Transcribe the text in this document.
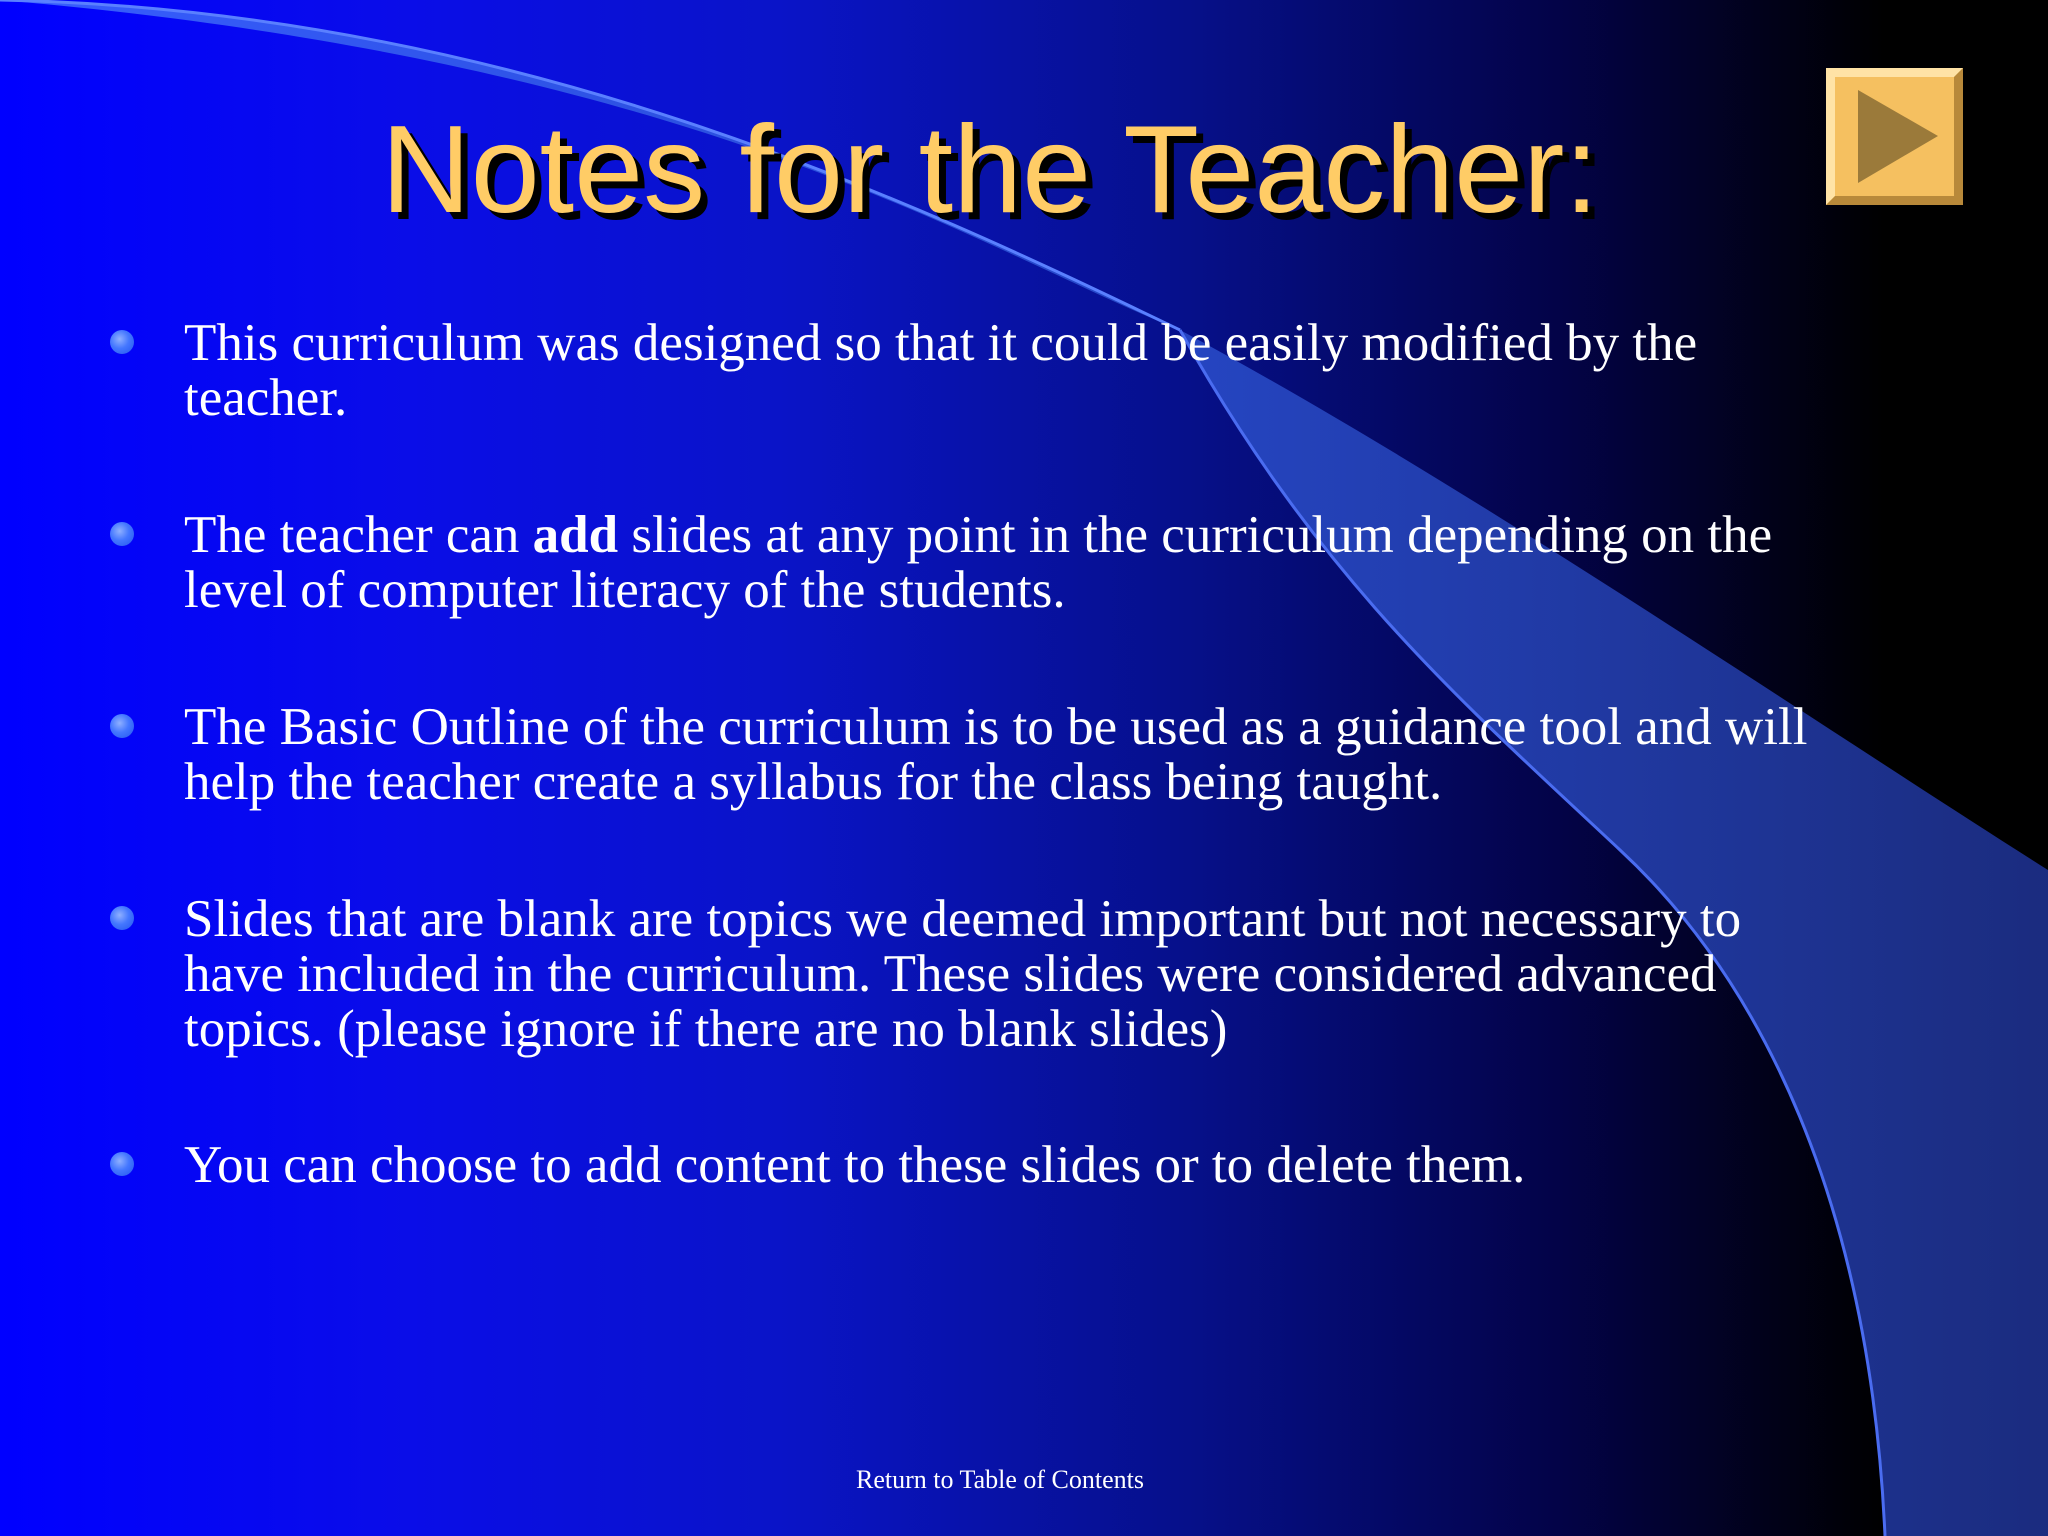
Notes for the Teacher:
This curriculum was designed so that it could be easily modified by the teacher.
The teacher can add slides at any point in the curriculum depending on the level of computer literacy of the students.
The Basic Outline of the curriculum is to be used as a guidance tool and will help the teacher create a syllabus for the class being taught.
Slides that are blank are topics we deemed important but not necessary to have included in the curriculum. These slides were considered advanced topics. (please ignore if there are no blank slides)
You can choose to add content to these slides or to delete them.
Return to Table of Contents
